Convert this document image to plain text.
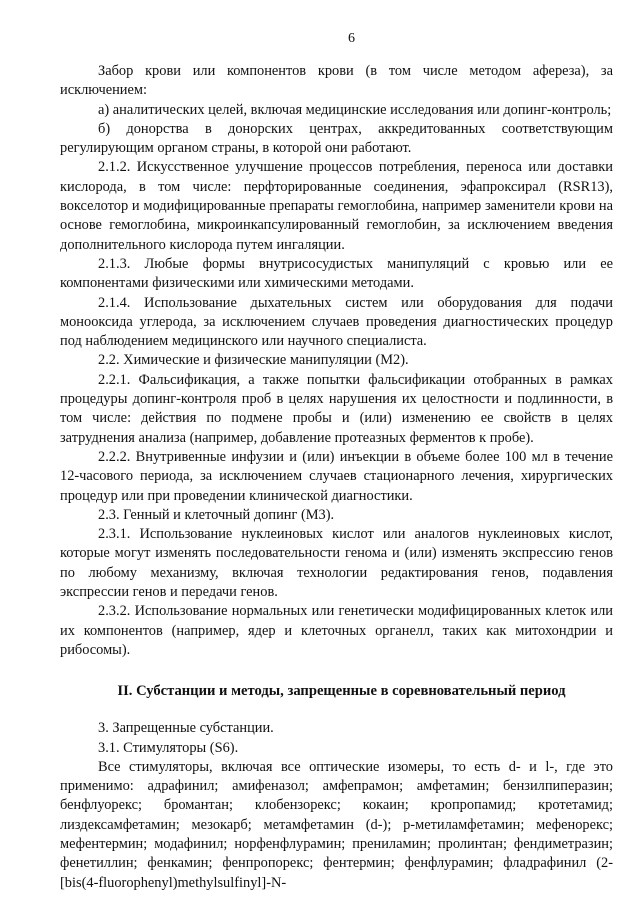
6

Забор крови или компонентов крови (в том числе методом афереза), за исключением:

а) аналитических целей, включая медицинские исследования или допинг-контроль;

б) донорства в донорских центрах, аккредитованных соответствующим регулирующим органом страны, в которой они работают.

2.1.2. Искусственное улучшение процессов потребления, переноса или доставки кислорода, в том числе: перфторированные соединения, эфапроксирал (RSR13), вокселотор и модифицированные препараты гемоглобина, например заменители крови на основе гемоглобина, микроинкапсулированный гемоглобин, за исключением введения дополнительного кислорода путем ингаляции.

2.1.3. Любые формы внутрисосудистых манипуляций с кровью или ее компонентами физическими или химическими методами.

2.1.4. Использование дыхательных систем или оборудования для подачи монооксида углерода, за исключением случаев проведения диагностических процедур под наблюдением медицинского или научного специалиста.

2.2. Химические и физические манипуляции (М2).

2.2.1. Фальсификация, а также попытки фальсификации отобранных в рамках процедуры допинг-контроля проб в целях нарушения их целостности и подлинности, в том числе: действия по подмене пробы и (или) изменению ее свойств в целях затруднения анализа (например, добавление протеазных ферментов к пробе).

2.2.2. Внутривенные инфузии и (или) инъекции в объеме более 100 мл в течение 12-часового периода, за исключением случаев стационарного лечения, хирургических процедур или при проведении клинической диагностики.

2.3. Генный и клеточный допинг (М3).

2.3.1. Использование нуклеиновых кислот или аналогов нуклеиновых кислот, которые могут изменять последовательности генома и (или) изменять экспрессию генов по любому механизму, включая технологии редактирования генов, подавления экспрессии генов и передачи генов.

2.3.2. Использование нормальных или генетически модифицированных клеток или их компонентов (например, ядер и клеточных органелл, таких как митохондрии и рибосомы).

II. Субстанции и методы, запрещенные в соревновательный период

3. Запрещенные субстанции.

3.1. Стимуляторы (S6).

Все стимуляторы, включая все оптические изомеры, то есть d- и l-, где это применимо: адрафинил; амифеназол; амфепрамон; амфетамин; бензилпиперазин; бенфлуорекс; бромантан; клобензорекс; кокаин; кропропамид; кротетамид; лиздексамфетамин; мезокарб; метамфетамин (d-); р-метиламфетамин; мефенорекс; мефентермин; модафинил; норфенфлурамин; прениламин; пролинтан; фендиметразин; фенетиллин; фенкамин; фенпропорекс; фентермин; фенфлурамин; фладрафинил (2-[bis(4-fluorophenyl)methylsulfinyl]-N-
